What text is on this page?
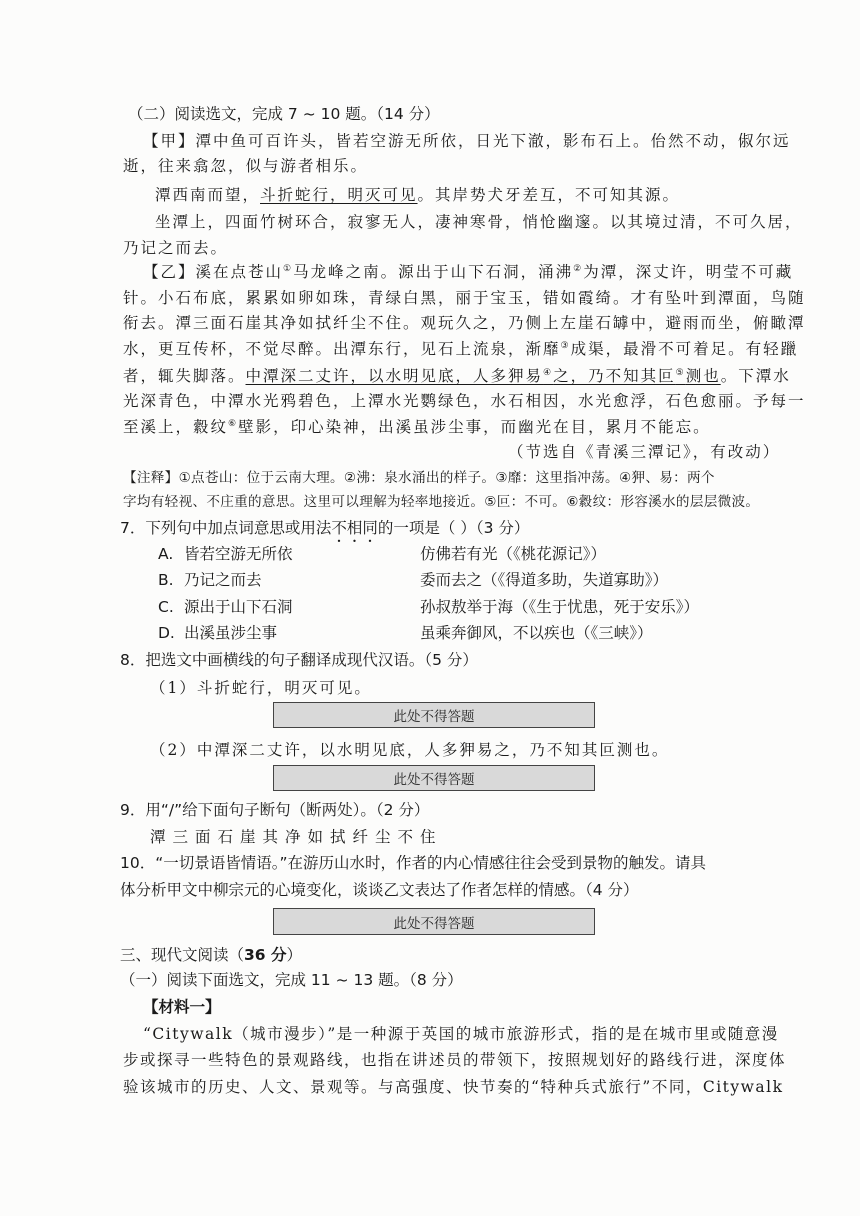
（二）阅读选文，完成 7 ~ 10 题。（14 分）
【甲】潭中鱼可百许头，皆若空游无所依，日光下澈，影布石上。佁然不动，俶尔远
逝，往来翕忽，似与游者相乐。
潭西南而望，斗折蛇行，明灭可见。其岸势犬牙差互，不可知其源。
坐潭上，四面竹树环合，寂寥无人，凄神寒骨，悄怆幽邃。以其境过清，不可久居，
乃记之而去。
【乙】溪在点苍山①马龙峰之南。源出于山下石洞，涌沸②为潭，深丈许，明莹不可藏
针。小石布底，累累如卵如珠，青绿白黑，丽于宝玉，错如霞绮。才有坠叶到潭面，鸟随
衔去。潭三面石崖其净如拭纤尘不住。观玩久之，乃侧上左崖石罅中，避雨而坐，俯瞰潭
水，更互传杯，不觉尽醉。出潭东行，见石上流泉，渐靡③成渠，最滑不可着足。有轻躐
者，辄失脚落。中潭深二丈许，以水明见底，人多狎易④之，乃不知其叵⑤测也。下潭水
光深青色，中潭水光鸦碧色，上潭水光鹦绿色，水石相因，水光愈浮，石色愈丽。予每一
至溪上，縠纹⑥壁影，印心染神，出溪虽涉尘事，而幽光在目，累月不能忘。
（节选自《青溪三潭记》，有改动）
【注释】①点苍山：位于云南大理。②沸：泉水涌出的样子。③靡：这里指冲荡。④狎、易：两个
字均有轻视、不庄重的意思。这里可以理解为轻率地接近。⑤叵：不可。⑥縠纹：形容溪水的层层微波。
7．下列句中加点词意思或用法不相同的一项是（ ）（3 分）
A. 皆若空游无所依	仿佛若有光（《桃花源记》）
B. 乃记之而去	委而去之（《得道多助，失道寡助》）
C. 源出于山下石洞	孙叔敖举于海（《生于忧患，死于安乐》）
D. 出溪虽涉尘事	虽乘奔御风，不以疾也（《三峡》）
8．把选文中画横线的句子翻译成现代汉语。（5 分）
（1）斗折蛇行，明灭可见。
此处不得答题
（2）中潭深二丈许，以水明见底，人多狎易之，乃不知其叵测也。
此处不得答题
9．用“/”给下面句子断句（断两处）。（2 分）
潭三面石崖其净如拭纤尘不住
10．“一切景语皆情语。”在游历山水时，作者的内心情感往往会受到景物的触发。请具
体分析甲文中柳宗元的心境变化，谈谈乙文表达了作者怎样的情感。（4 分）
此处不得答题
三、现代文阅读（36 分）
（一）阅读下面选文，完成 11 ~ 13 题。（8 分）
【材料一】
“Citywalk（城市漫步）”是一种源于英国的城市旅游形式，指的是在城市里或随意漫
步或探寻一些特色的景观路线，也指在讲述员的带领下，按照规划好的路线行进，深度体
验该城市的历史、人文、景观等。与高强度、快节奏的“特种兵式旅行”不同，Citywalk
